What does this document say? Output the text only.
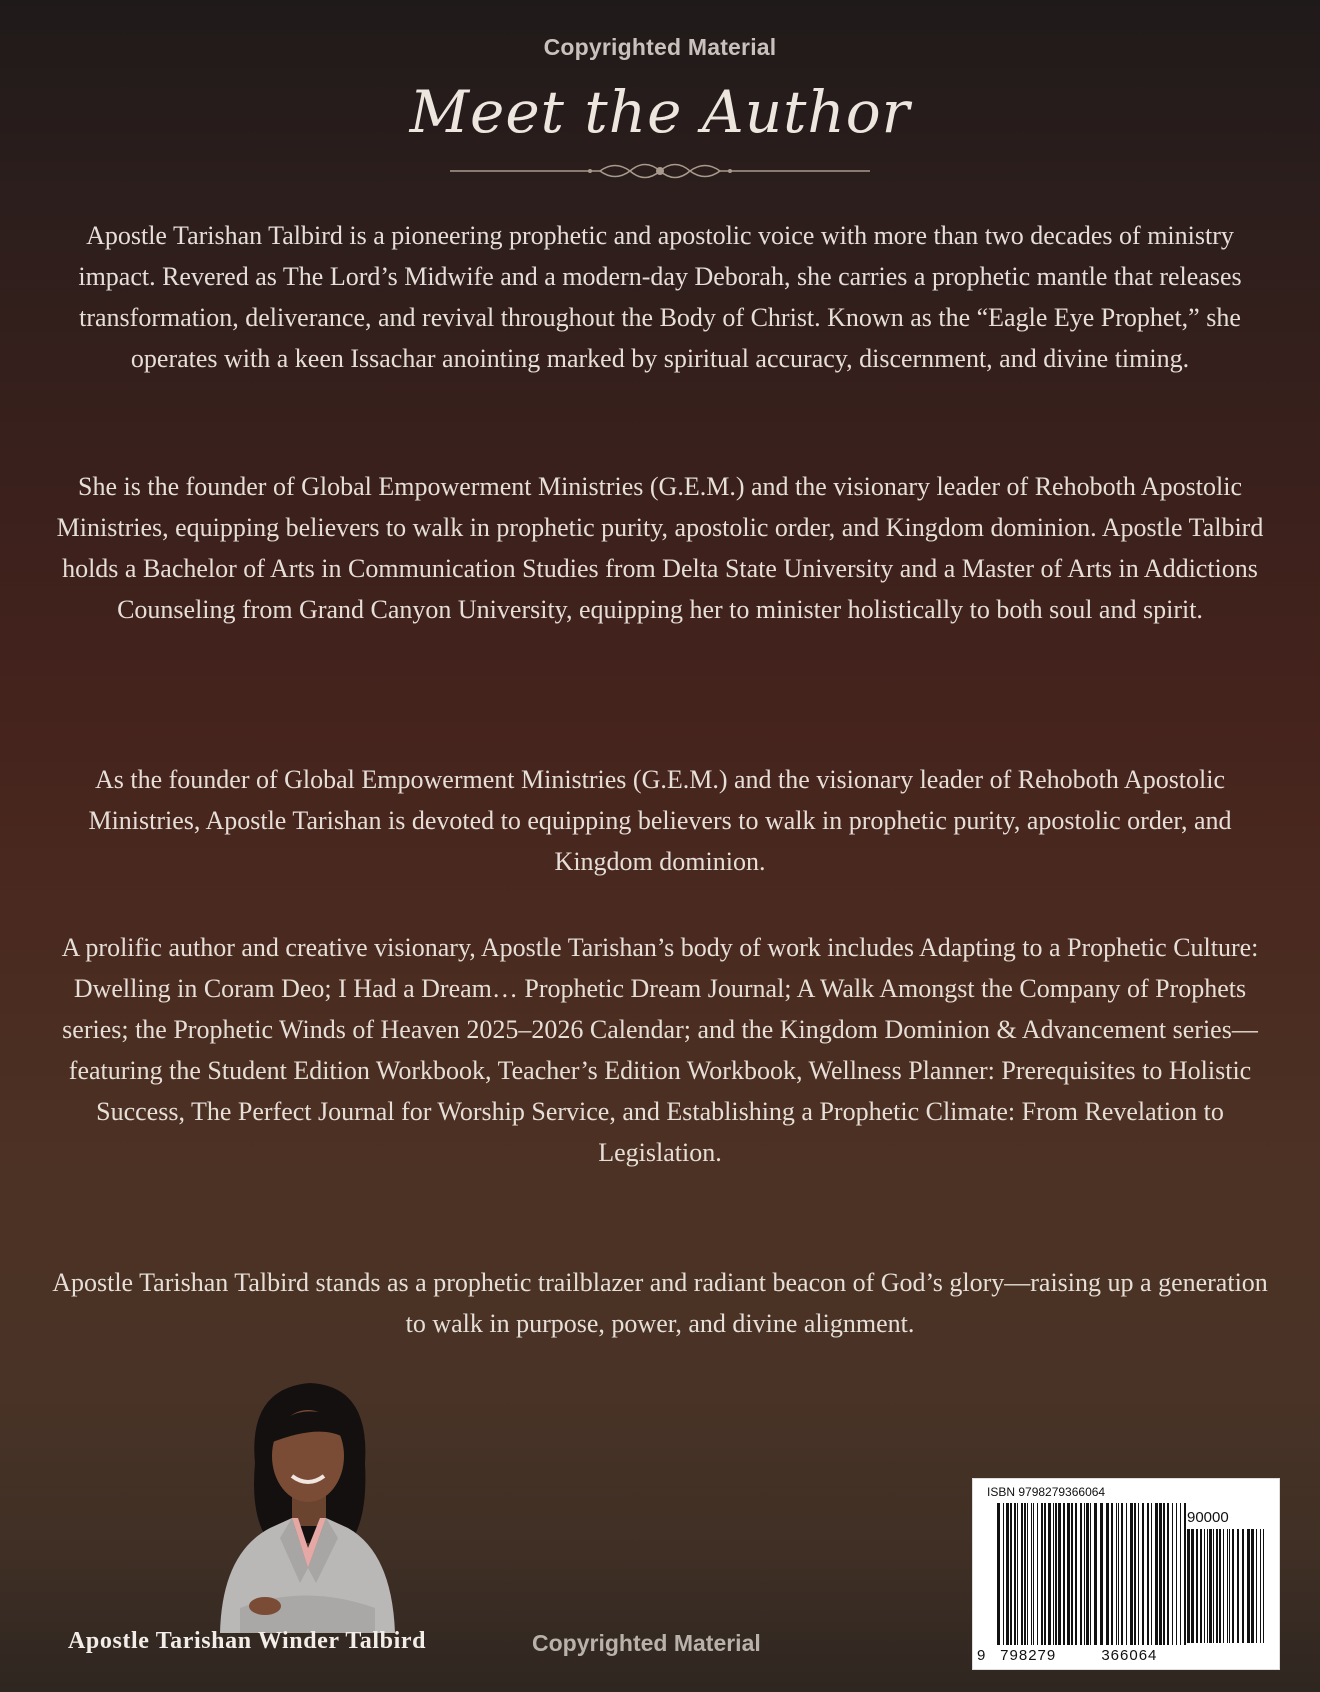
Copyrighted Material
Meet the Author

Apostle Tarishan Talbird is a pioneering prophetic and apostolic voice with more than two decades of ministry impact. Revered as The Lord’s Midwife and a modern-day Deborah, she carries a prophetic mantle that releases transformation, deliverance, and revival throughout the Body of Christ. Known as the “Eagle Eye Prophet,” she operates with a keen Issachar anointing marked by spiritual accuracy, discernment, and divine timing.

She is the founder of Global Empowerment Ministries (G.E.M.) and the visionary leader of Rehoboth Apostolic Ministries, equipping believers to walk in prophetic purity, apostolic order, and Kingdom dominion. Apostle Talbird holds a Bachelor of Arts in Communication Studies from Delta State University and a Master of Arts in Addictions Counseling from Grand Canyon University, equipping her to minister holistically to both soul and spirit.

As the founder of Global Empowerment Ministries (G.E.M.) and the visionary leader of Rehoboth Apostolic Ministries, Apostle Tarishan is devoted to equipping believers to walk in prophetic purity, apostolic order, and Kingdom dominion.

A prolific author and creative visionary, Apostle Tarishan’s body of work includes Adapting to a Prophetic Culture: Dwelling in Coram Deo; I Had a Dream… Prophetic Dream Journal; A Walk Amongst the Company of Prophets series; the Prophetic Winds of Heaven 2025–2026 Calendar; and the Kingdom Dominion & Advancement series—featuring the Student Edition Workbook, Teacher’s Edition Workbook, Wellness Planner: Prerequisites to Holistic Success, The Perfect Journal for Worship Service, and Establishing a Prophetic Climate: From Revelation to Legislation.

Apostle Tarishan Talbird stands as a prophetic trailblazer and radiant beacon of God’s glory—raising up a generation to walk in purpose, power, and divine alignment.

Apostle Tarishan Winder Talbird	Copyrighted Material
ISBN 9798279366064
90000
9 798279	366064
